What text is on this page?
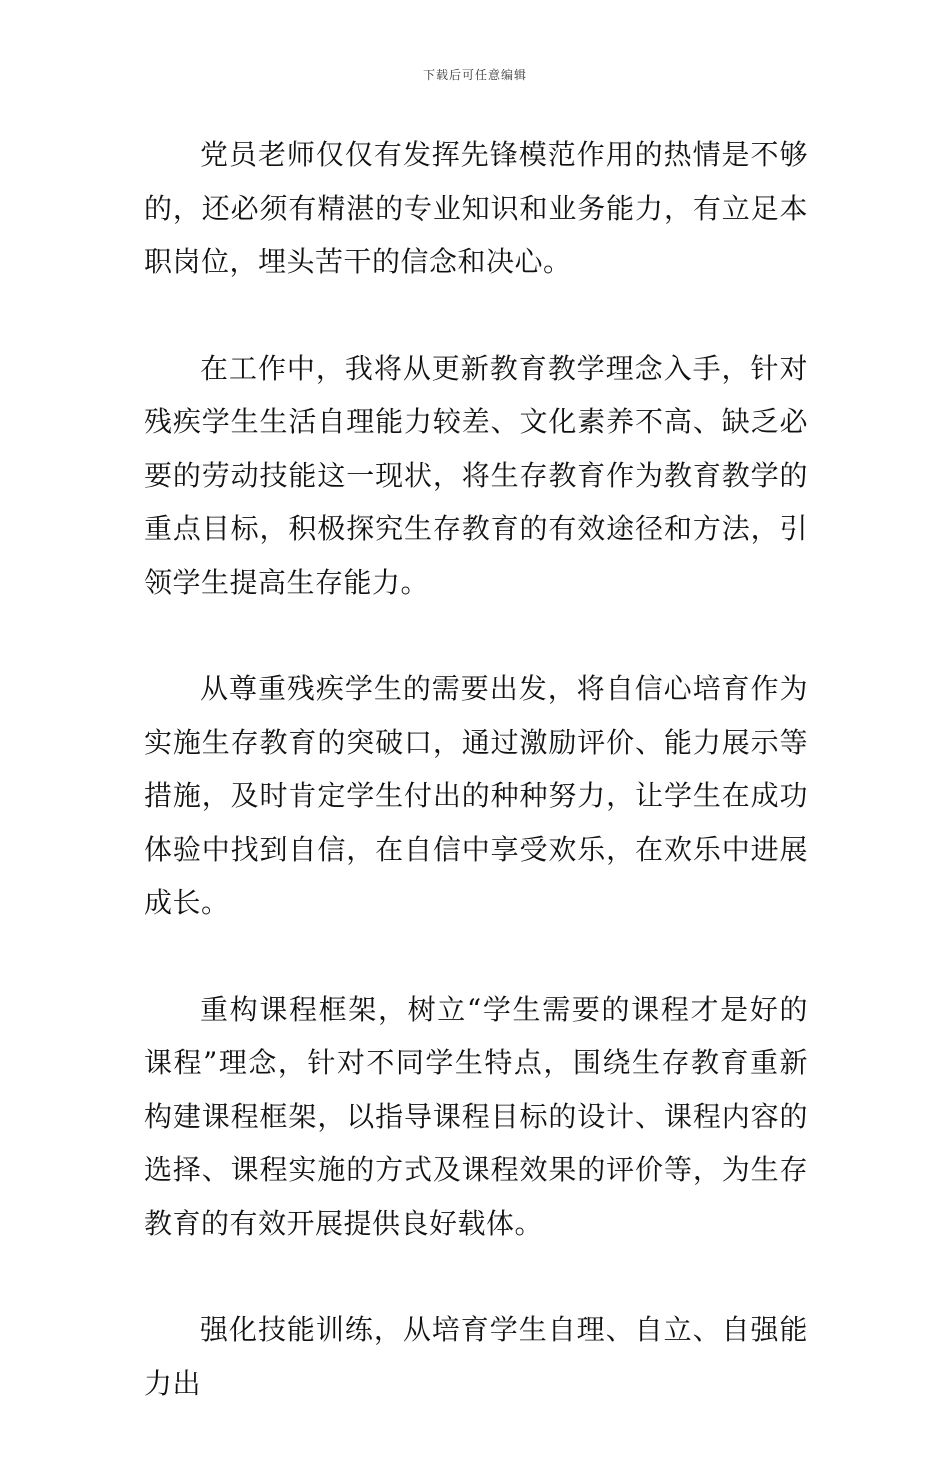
下载后可任意编辑

党员老师仅仅有发挥先锋模范作用的热情是不够的，还必须有精湛的专业知识和业务能力，有立足本职岗位，埋头苦干的信念和决心。

在工作中，我将从更新教育教学理念入手，针对残疾学生生活自理能力较差、文化素养不高、缺乏必要的劳动技能这一现状，将生存教育作为教育教学的重点目标，积极探究生存教育的有效途径和方法，引领学生提高生存能力。

从尊重残疾学生的需要出发，将自信心培育作为实施生存教育的突破口，通过激励评价、能力展示等措施，及时肯定学生付出的种种努力，让学生在成功体验中找到自信，在自信中享受欢乐，在欢乐中进展成长。

重构课程框架，树立“学生需要的课程才是好的课程”理念，针对不同学生特点，围绕生存教育重新构建课程框架，以指导课程目标的设计、课程内容的选择、课程实施的方式及课程效果的评价等，为生存教育的有效开展提供良好载体。

强化技能训练，从培育学生自理、自立、自强能力出
